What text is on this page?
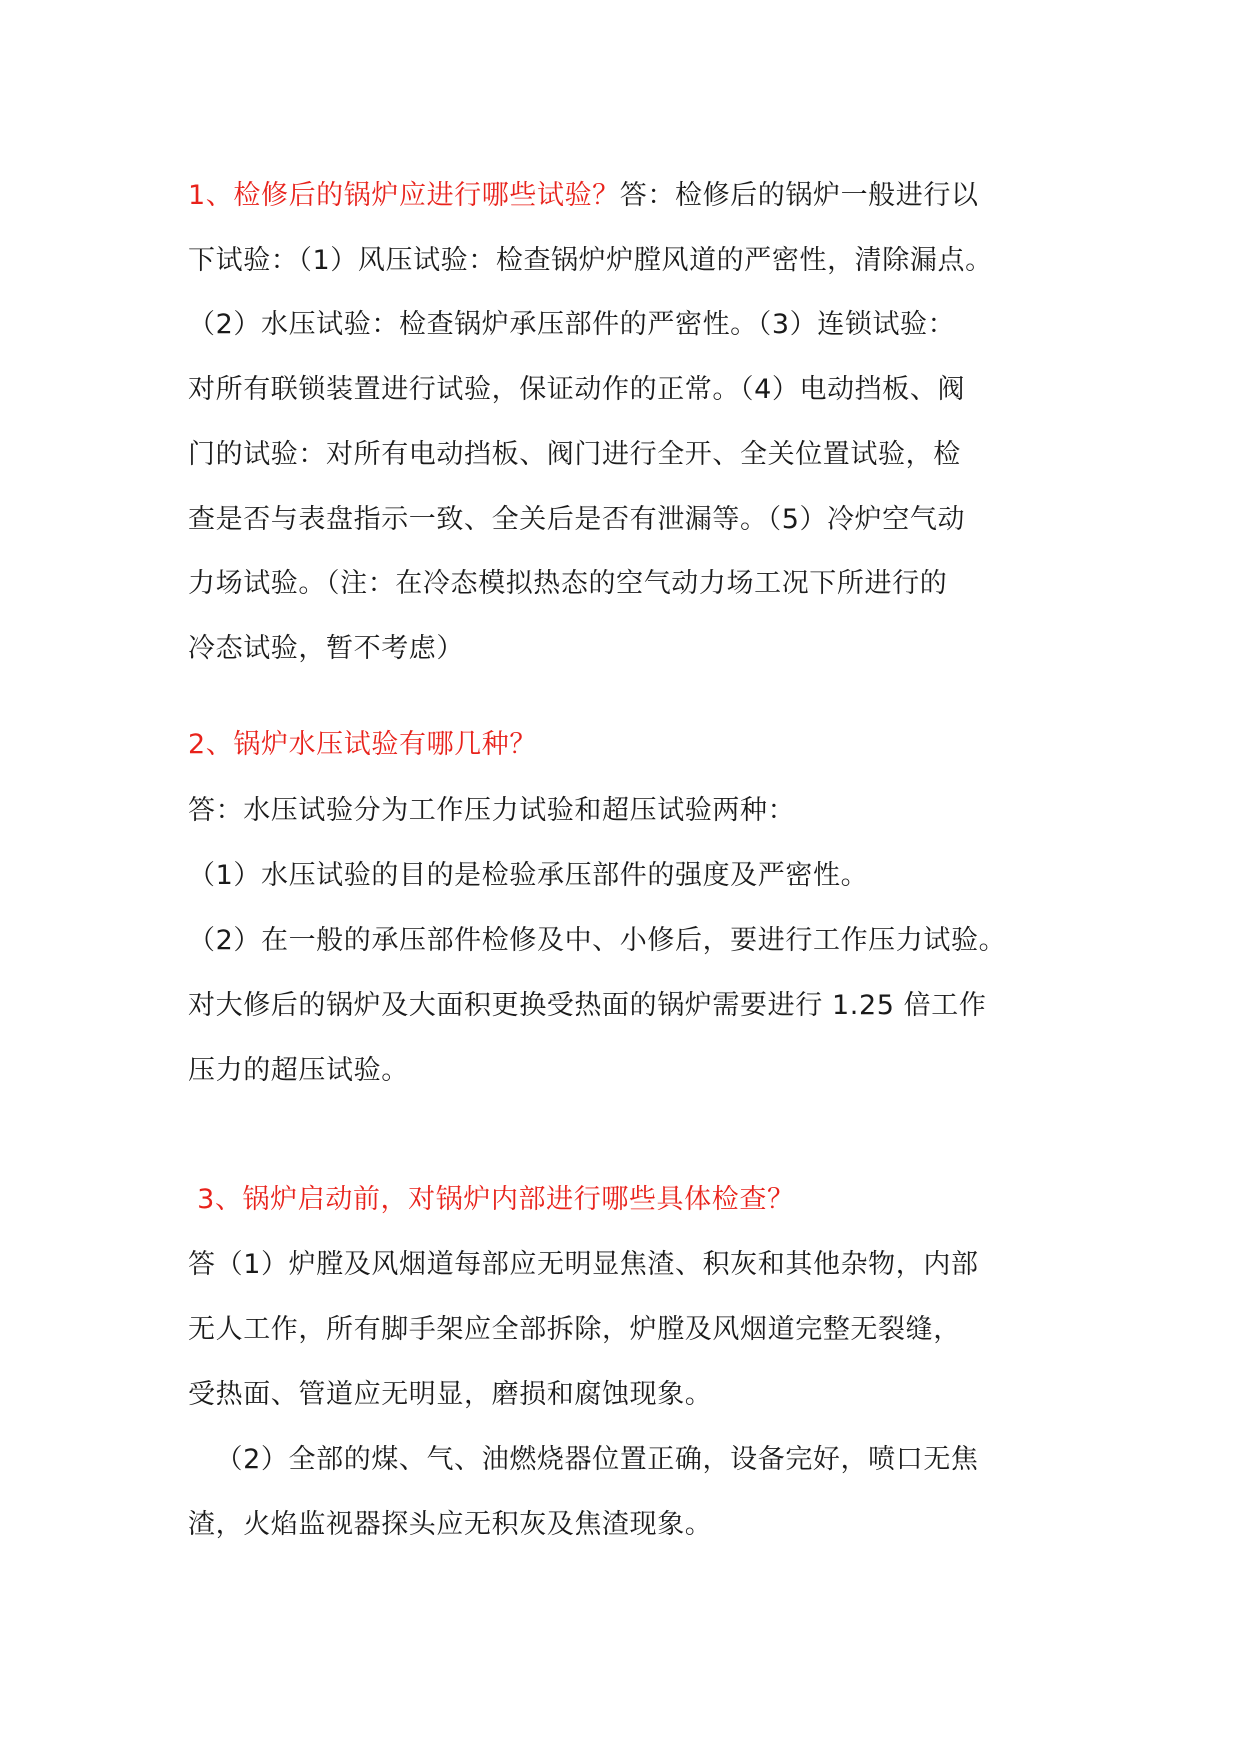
1、检修后的锅炉应进行哪些试验？答：检修后的锅炉一般进行以
下试验：（1）风压试验：检查锅炉炉膛风道的严密性，清除漏点。
（2）水压试验：检查锅炉承压部件的严密性。（3）连锁试验：
对所有联锁装置进行试验，保证动作的正常。（4）电动挡板、阀
门的试验：对所有电动挡板、阀门进行全开、全关位置试验，检
查是否与表盘指示一致、全关后是否有泄漏等。（5）冷炉空气动
力场试验。（注：在冷态模拟热态的空气动力场工况下所进行的
冷态试验，暂不考虑）
2、锅炉水压试验有哪几种？
答：水压试验分为工作压力试验和超压试验两种：
（1）水压试验的目的是检验承压部件的强度及严密性。
（2）在一般的承压部件检修及中、小修后，要进行工作压力试验。
对大修后的锅炉及大面积更换受热面的锅炉需要进行 1.25 倍工作
压力的超压试验。
3、锅炉启动前，对锅炉内部进行哪些具体检查？
答（1）炉膛及风烟道每部应无明显焦渣、积灰和其他杂物，内部
无人工作，所有脚手架应全部拆除，炉膛及风烟道完整无裂缝，
受热面、管道应无明显，磨损和腐蚀现象。
（2）全部的煤、气、油燃烧器位置正确，设备完好，喷口无焦
渣，火焰监视器探头应无积灰及焦渣现象。
